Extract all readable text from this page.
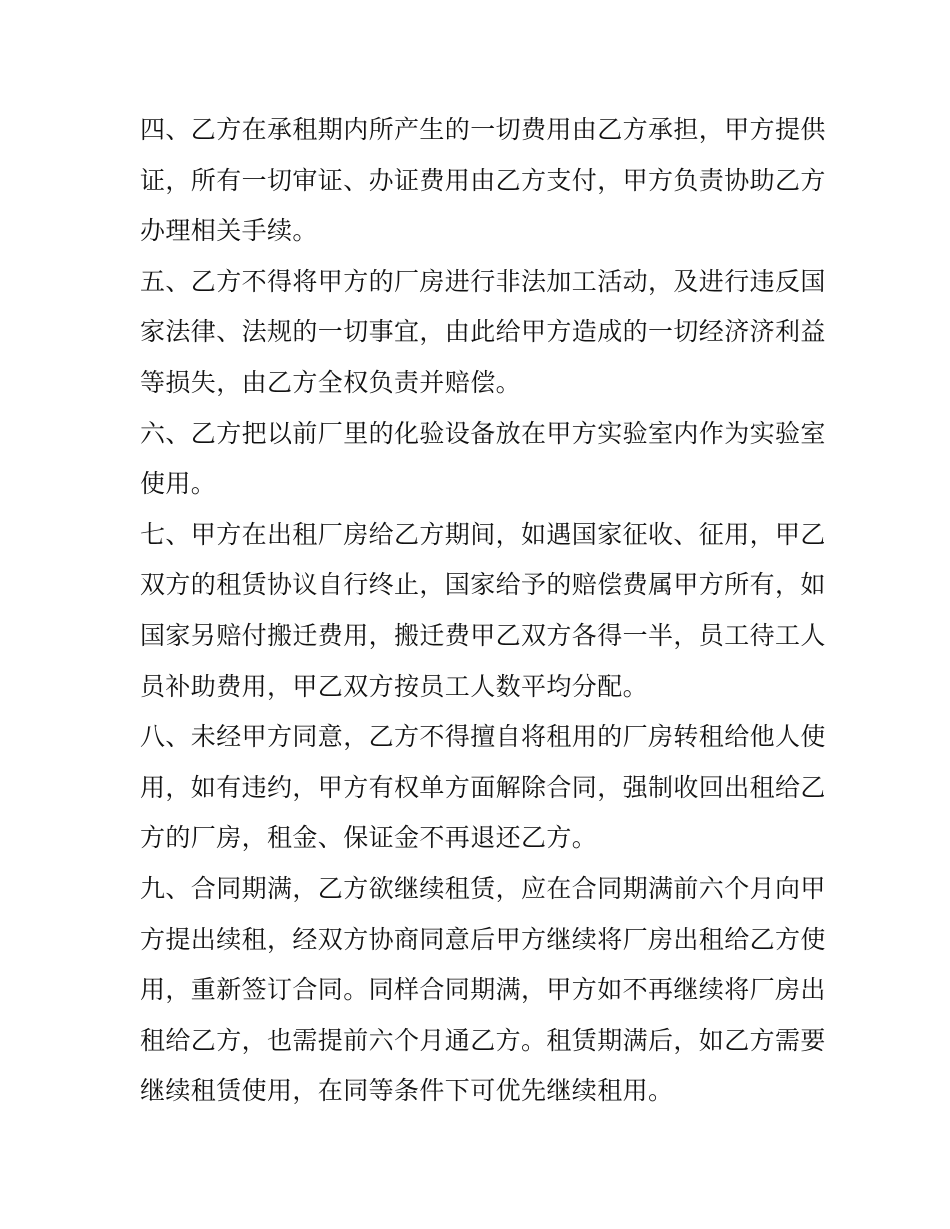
四、乙方在承租期内所产生的一切费用由乙方承担，甲方提供
证，所有一切审证、办证费用由乙方支付，甲方负责协助乙方
办理相关手续。
五、乙方不得将甲方的厂房进行非法加工活动，及进行违反国
家法律、法规的一切事宜，由此给甲方造成的一切经济济利益
等损失，由乙方全权负责并赔偿。
六、乙方把以前厂里的化验设备放在甲方实验室内作为实验室
使用。
七、甲方在出租厂房给乙方期间，如遇国家征收、征用，甲乙
双方的租赁协议自行终止，国家给予的赔偿费属甲方所有，如
国家另赔付搬迁费用，搬迁费甲乙双方各得一半，员工待工人
员补助费用，甲乙双方按员工人数平均分配。
八、未经甲方同意，乙方不得擅自将租用的厂房转租给他人使
用，如有违约，甲方有权单方面解除合同，强制收回出租给乙
方的厂房，租金、保证金不再退还乙方。
九、合同期满，乙方欲继续租赁，应在合同期满前六个月向甲
方提出续租，经双方协商同意后甲方继续将厂房出租给乙方使
用，重新签订合同。同样合同期满，甲方如不再继续将厂房出
租给乙方，也需提前六个月通乙方。租赁期满后，如乙方需要
继续租赁使用，在同等条件下可优先继续租用。
